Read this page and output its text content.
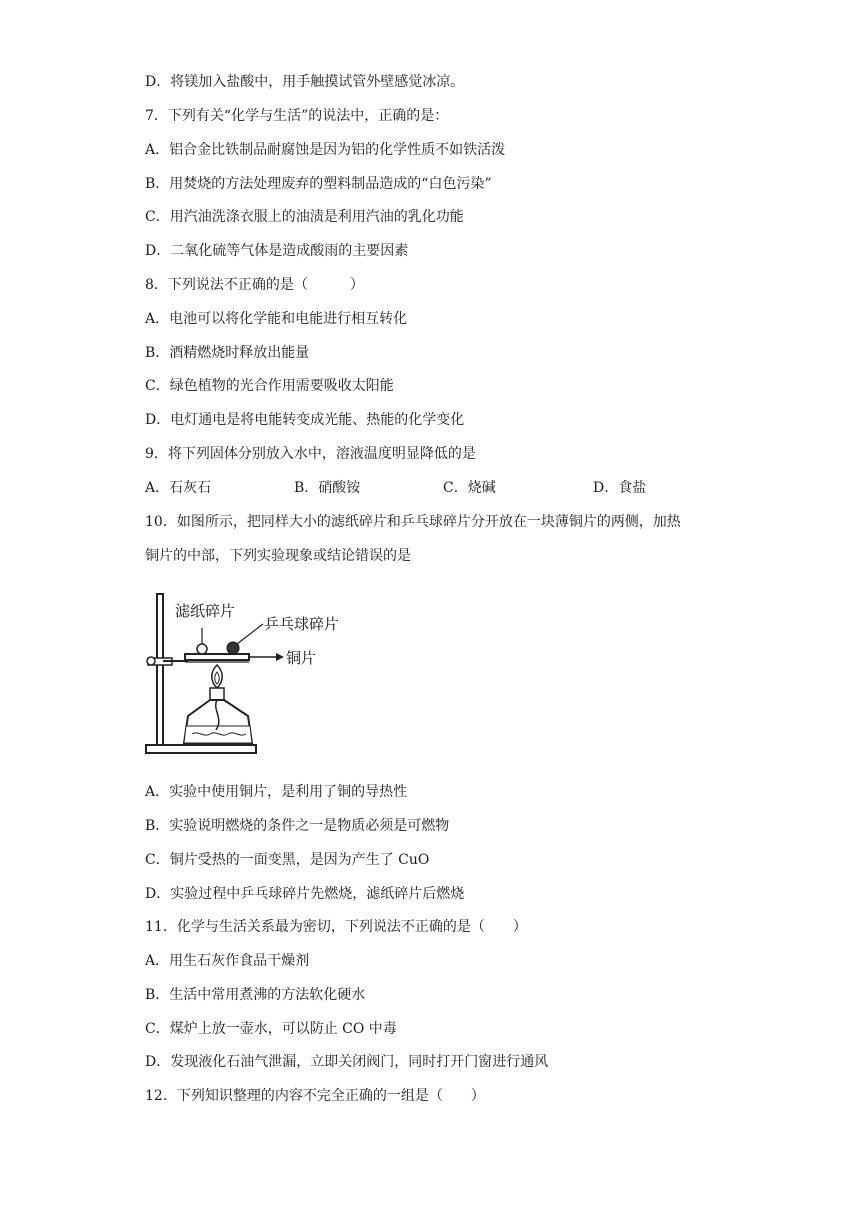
D．将镁加入盐酸中，用手触摸试管外壁感觉冰凉。
7．下列有关“化学与生活”的说法中，正确的是：
A．铝合金比铁制品耐腐蚀是因为铝的化学性质不如铁活泼
B．用焚烧的方法处理废弃的塑料制品造成的“白色污染”
C．用汽油洗涤衣服上的油渍是利用汽油的乳化功能
D．二氧化硫等气体是造成酸雨的主要因素
8．下列说法不正确的是（　　　）
A．电池可以将化学能和电能进行相互转化
B．酒精燃烧时释放出能量
C．绿色植物的光合作用需要吸收太阳能
D．电灯通电是将电能转变成光能、热能的化学变化
9．将下列固体分别放入水中，溶液温度明显降低的是
A．石灰石	B．硝酸铵	C．烧碱	D．食盐
10．如图所示，把同样大小的滤纸碎片和乒乓球碎片分开放在一块薄铜片的两侧，加热
铜片的中部，下列实验现象或结论错误的是
滤纸碎片
乒乓球碎片
铜片
A．实验中使用铜片，是利用了铜的导热性
B．实验说明燃烧的条件之一是物质必须是可燃物
C．铜片受热的一面变黑，是因为产生了 CuO
D．实验过程中乒乓球碎片先燃烧，滤纸碎片后燃烧
11．化学与生活关系最为密切，下列说法不正确的是（　　）
A．用生石灰作食品干燥剂
B．生活中常用煮沸的方法软化硬水
C．煤炉上放一壶水，可以防止 CO 中毒
D．发现液化石油气泄漏，立即关闭阀门，同时打开门窗进行通风
12．下列知识整理的内容不完全正确的一组是（　　）
